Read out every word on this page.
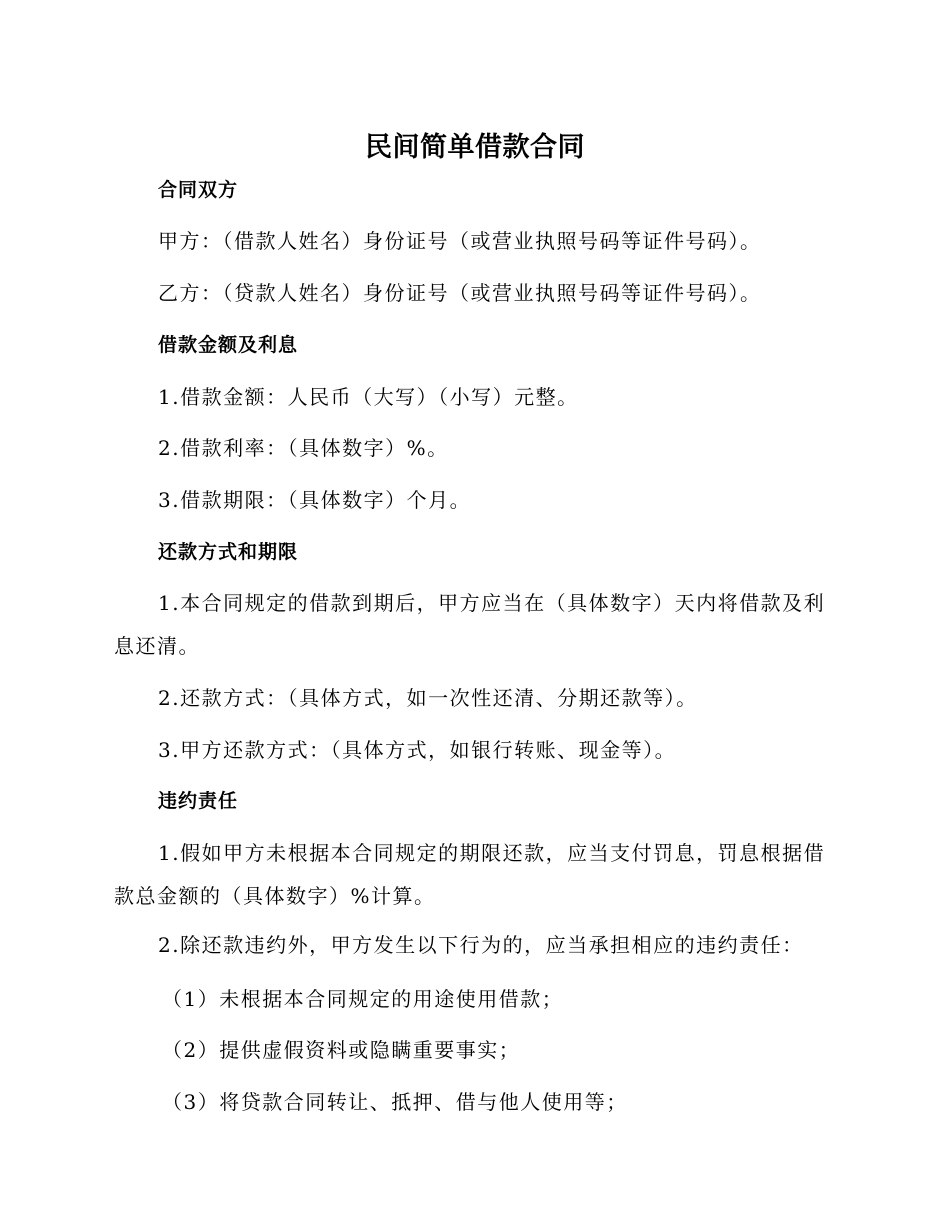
民间简单借款合同
合同双方
甲方：（借款人姓名）身份证号（或营业执照号码等证件号码）。
乙方：（贷款人姓名）身份证号（或营业执照号码等证件号码）。
借款金额及利息
1.借款金额：人民币（大写）（小写）元整。
2.借款利率：（具体数字）%。
3.借款期限：（具体数字）个月。
还款方式和期限
1.本合同规定的借款到期后，甲方应当在（具体数字）天内将借款及利
息还清。
2.还款方式：（具体方式，如一次性还清、分期还款等）。
3.甲方还款方式：（具体方式，如银行转账、现金等）。
违约责任
1.假如甲方未根据本合同规定的期限还款，应当支付罚息，罚息根据借
款总金额的（具体数字）%计算。
2.除还款违约外，甲方发生以下行为的，应当承担相应的违约责任：
（1）未根据本合同规定的用途使用借款；
（2）提供虚假资料或隐瞒重要事实；
（3）将贷款合同转让、抵押、借与他人使用等；
